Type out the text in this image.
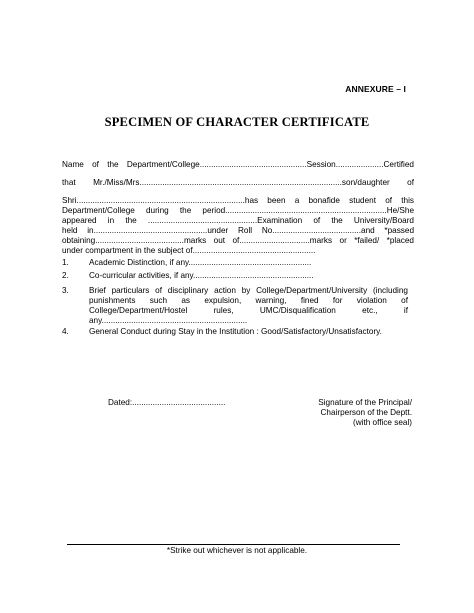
ANNEXURE – I
SPECIMEN OF CHARACTER CERTIFICATE
Name of the Department/College...............................................Session.....................Certified
that Mr./Miss/Mrs.........................................................................................son/daughter of
Shri..........................................................................has been a bonafide student of this
Department/College during the period.......................................................................He/She
appeared in the ................................................Examination of the University/Board
held in..................................................under Roll No.......................................and *passed
obtaining.......................................marks out of...............................marks or *failed/ *placed
under compartment in the subject of......................................................
1. Academic Distinction, if any......................................................
2. Co-curricular activities, if any.....................................................
3. Brief particulars of disciplinary action by College/Department/University (including
punishments such as expulsion, warning, fined for violation of
College/Department/Hostel rules, UMC/Disqualification etc., if
any................................................................
4. General Conduct during Stay in the Institution : Good/Satisfactory/Unsatisfactory.
Dated:.........................................	Signature of the Principal/
Chairperson of the Deptt.
(with office seal)
*Strike out whichever is not applicable.
